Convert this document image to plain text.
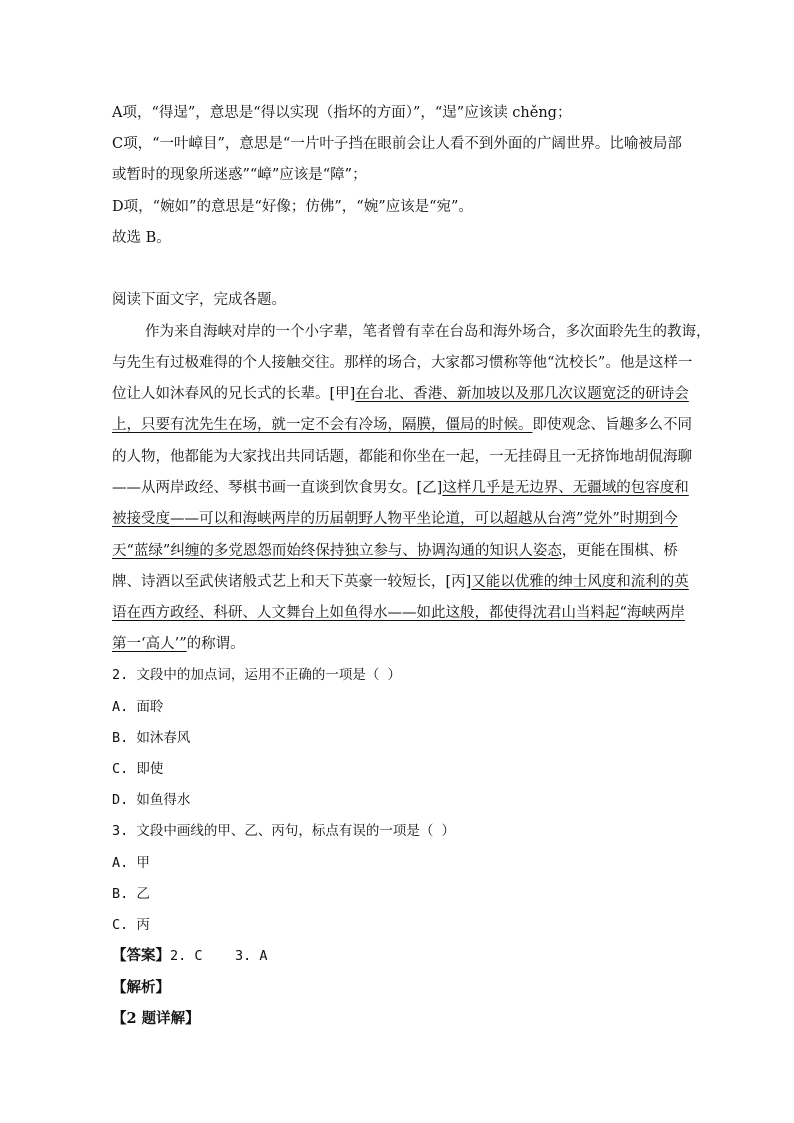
A项，“得逞”，意思是“得以实现（指坏的方面）”，“逞”应该读 chěng；
C项，“一叶嶂目”，意思是“一片叶子挡在眼前会让人看不到外面的广阔世界。比喻被局部
或暂时的现象所迷惑”“嶂”应该是“障”；
D项，“婉如”的意思是“好像；仿佛”，“婉”应该是“宛”。
故选 B。
阅读下面文字，完成各题。
作为来自海峡对岸的一个小字辈，笔者曾有幸在台岛和海外场合，多次面聆先生的教诲，
与先生有过极难得的个人接触交往。那样的场合，大家都习惯称等他“沈校长”。他是这样一
位让人如沐春风的兄长式的长辈。[甲]在台北、香港、新加坡以及那几次议题宽泛的研诗会
上，只要有沈先生在场，就一定不会有冷场，隔膜，僵局的时候。即使观念、旨趣多么不同
的人物，他都能为大家找出共同话题，都能和你坐在一起，一无挂碍且一无挤饰地胡侃海聊
——从两岸政经、琴棋书画一直谈到饮食男女。[乙]这样几乎是无边界、无疆域的包容度和
被接受度——可以和海峡两岸的历届朝野人物平坐论道，可以超越从台湾”党外”时期到今
天“蓝绿”纠缠的多党恩怨而始终保持独立参与、协调沟通的知识人姿态，更能在围棋、桥
牌、诗酒以至武侠诸般式艺上和天下英豪一较短长，[丙]又能以优雅的绅士风度和流利的英
语在西方政经、科研、人文舞台上如鱼得水——如此这般，都使得沈君山当料起“海峡两岸
第一‘高人’”的称谓。
2. 文段中的加点词，运用不正确的一项是（ ）
A. 面聆
B. 如沐春风
C. 即使
D. 如鱼得水
3. 文段中画线的甲、乙、丙句，标点有误的一项是（ ）
A. 甲
B. 乙
C. 丙
【答案】2. C    3. A
【解析】
【2 题详解】
